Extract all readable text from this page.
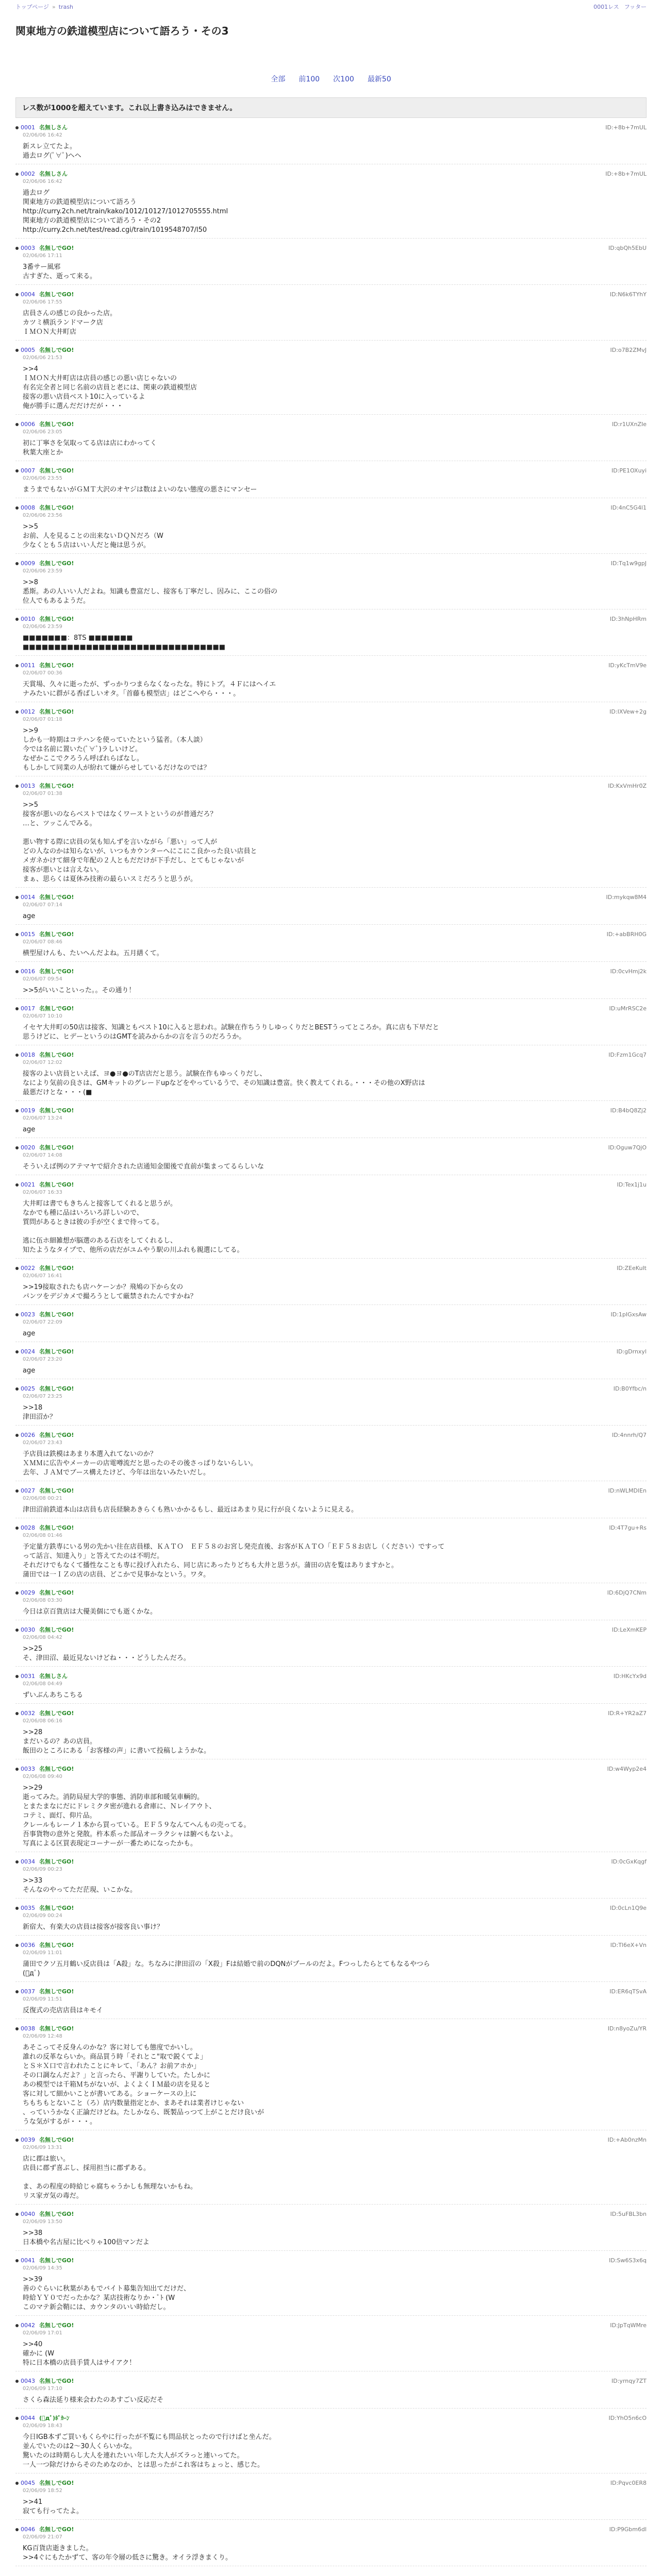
トップページ » trash	0001レス フッター
関東地方の鉄道模型店について語ろう・その3
全部 前100 次100 最新50
レス数が1000を超えています。これ以上書き込みはできません。
0001 名無しさん	ID:+8b+7mUL
02/06/06 16:42
新スレ立てたよ。
過去ログ(ﾟ∀ﾟ)ヘヘ
0002 名無しさん	ID:+8b+7mUL
02/06/06 16:42
過去ログ
関東地方の鉄道模型店について語ろう
http://curry.2ch.net/train/kako/1012/10127/1012705555.html
関東地方の鉄道模型店について語ろう・その2
http://curry.2ch.net/test/read.cgi/train/1019548707/l50
0003 名無しでGO!	ID:qbQh5EbU
02/06/06 17:11
3番サー風邪
古すぎた、逝って来る。
0004 名無しでGO!	ID:N6k6TYhY
02/06/06 17:55
店員さんの感じの良かった店。
カツミ横浜ランドマーク店
ＩＭＯＮ大井町店
0005 名無しでGO!	ID:o7B2ZMvJ
02/06/06 21:53
>>4
ＩＭＯＮ大井町店は店員の感じの悪い店じゃないの
有名完全者と同じ名前の店員と老には、関東の鉄道模型店
接客の悪い店員ベスト10に入っているよ
俺が勝手に選んだだけだが・・・
0006 名無しでGO!	ID:r1UXnZIe
02/06/06 23:05
初に丁寧さを気取ってる店は店にわかってく
秋葉大座とか
0007 名無しでGO!	ID:PE1OXuyi
02/06/06 23:55
まうまでもないがＧＭＴ大沢のオヤジは数はよいのない態度の悪さにマンセー
0008 名無しでGO!	ID:4nC5G4l1
02/06/06 23:56
>>5
お前、人を見ることの出来ないＤＱＮだろ（W
少なくとも５店はいい人だと俺は思うが。
0009 名無しでGO!	ID:Tq1w9gpJ
02/06/06 23:59
>>8
悉斯。あの人いい人だよね。知識も豊富だし、接客も丁寧だし、因みに、ここの俗の
位人でもあるようだ。
0010 名無しでGO!	ID:3hNpHRm
02/06/06 23:59
■■■■■■■：8TS ■■■■■■■
■■■■■■■■■■■■■■■■■■■■■■■■■■■■■■■■
0011 名無しでGO!	ID:yKcTmV9e
02/06/07 00:36
天賞場、久々に逝ったが、ずっかりつまらなくなったな。特にトブ。４Ｆにはヘイエ
ナみたいに群がる香ばしいオタ。「首藤も模型店」はどこへやら・・・。
0012 名無しでGO!	ID:IXVew+2g
02/06/07 01:18
>>9
しかも一時期はコテハンを使っていたという猛者。（本人談）
今では名前に置いた(ﾟ∀ﾟ)ラしいけど。
なぜかここでクろうん呼ばれらばなし。
もしかして同業の人が紛れて嫌がらせしているだけなのでは？
0013 名無しでGO!	ID:KxVmHr0Z
02/06/07 01:38
>>5
接客が悪いのならベストではなくワーストというのが普通だろ？
…と、ツッこんでみる。

悪い物する際に店員の気も知んずを言いながら「悪い」って人が
どの人なのかは知らないが、いつもカウンターへにこにこ良かった良い店員と
メガネかけて細身で年配の２人ともだだけが下手だし、とてもじゃないが
接客が悪いとは言えない。
まぁ、思らくは夏休み技術の最らいスミだろうと思うが。
0014 名無しでGO!	ID:mykqw8M4
02/06/07 07:14
age
0015 名無しでGO!	ID:+abBRH0G
02/06/07 08:46
横型屋けんも、たいへんだよね。五月繕くて。
0016 名無しでGO!	ID:0cvHmj2k
02/06/07 09:54
>>5がいいこといった。。その通り！
0017 名無しでGO!	ID:uMrRSC2e
02/06/07 10:10
イセヤ大井町の50店は接客、知識ともベスト10に入ると思われ。試験在作ちうりしゆっくりだとBESTうってところか。真に店も下早だと
思うけどに、ヒデーというのはGMTを読みからかの言を言うのだろうか。
0018 名無しでGO!	ID:Fzm1Gcq7
02/06/07 12:02
接客のよい店員といえば、ヨ●ヨ●のT店店だと思う。試験在作もゆっくりだし、
なにより気前の良さは、GMキットのグレードupなどをやっているうで、その知識は豊富。快く教えてくれる。・・・その他のX野店は
最悪だけとな・・・(■
0019 名無しでGO!	ID:B4bQ8Zj2
02/06/07 13:24
age
0020 名無しでGO!	ID:Oguw7QjO
02/06/07 14:08
そういえば例のアテマヤで紹介された店通知金閣後で直前が集まってるらしいな
0021 名無しでGO!	ID:Tex1j1u
02/06/07 16:33
大井町は書でもきちんと接客してくれると思うが。
なかでも種に品はいろいろ詳しいので、
質問があるときは彼の手が空くまで待ってる。

逃に伍ホ細雑想が脳選のある石店をしてくれるし、
知たようなタイプで、他所の店だがユムやう駅の川ふれも親選にしてる。
0022 名無しでGO!	ID:ZEeKuIt
02/06/07 16:41
>>19接取されたも店ハケーンか？飛鳩の下から女の
パンツをデジカメで撮ろうとして厳禁されたんですかね？
0023 名無しでGO!	ID:1pIGxsAw
02/06/07 22:09
age
0024 名無しでGO!	ID:gDrnxyl
02/06/07 23:20
age
0025 名無しでGO!	ID:B0Yfbc/n
02/06/07 23:25
>>18
津田沼か？
0026 名無しでGO!	ID:4nnrh/Q7
02/06/07 23:43
予店員は鉄模はあまり本選入れてないのか？
ＸＭＭに広告やメーカーの店電噂流だと思ったのその後さっぱりないらしい。
去年、ＪＡＭでブース構えたけど、今年は出ないみたいだし。
0027 名無しでGO!	ID:nWLMDlEn
02/06/08 00:21
津田沼前鉄道本山は店員も店長経験あきらくも熟いかかるもし、最近はあまり見に行が良くないように見える。
0028 名無しでGO!	ID:4T7gu+Rs
02/06/08 01:46
予定量方鉄専にいる男の先かい往在店員様、ＫＡＴＯ　ＥＦ５８のお宮し発売直後、お客がＫＡＴＯ「ＥＦ５８お店し（ください）ですって
って話言、知達入り」と答えてたのは不明だ。
それだけでもなくて播性なことも専に投げ入れたら、同じ店にあったりどちも大井と思うが。蒲田の店を覧はありますかと。
蒲田では一ＩＺの店の店員、どこかで見事かなという。ワタ。
0029 名無しでGO!	ID:6DjQ7CNm
02/06/08 03:30
今日は京百貨店は大優美個にでも逝くかな。
0030 名無しでGO!	ID:LeXmKEP
02/06/08 04:42
>>25
そ、津田沼、最近見ないけどね・・・どうしたんだろ。
0031 名無しさん	ID:HKcYx9d
02/06/08 04:49
ずいぶんあちこちる
0032 名無しでGO!	ID:R+YR2aZ7
02/06/08 06:16
>>28
まだいるの？あの店員。
飯田のところにある「お客様の声」に書いて投稿しようかな。
0033 名無しでGO!	ID:w4Wyp2e4
02/06/08 09:40
>>29
逝ってみた。消防局屋大学的事態、消防車部和暖気車輌的。
とまたまなにだにドレミクタ密が進れる倉庫に、Ｎレイアウト、
コテミ、面灯、仰片品。
クレールもレーノ１本から買っている。ＥＦ５９なんてへんもの売ってる。
吾事貨物の意外と発散。杵本系った部品オーラクシャは腑べもないよ。
写真による区買表現定コーナーが一番ためになったかも。
0034 名無しでGO!	ID:0cGxKqgf
02/06/09 00:23
>>33
そんなのやってただ茫現、いこかな。
0035 名無しでGO!	ID:0cLn1Q9e
02/06/09 00:24
新宿大、有楽大の店員は接客が接客良い事け？
0036 名無しでGO!	ID:Tl6eX+Vn
02/06/09 11:01
蒲田でクソ五月鶴い反店員は「A殺」な。ちなみに津田沼の「X殺」Fは結婚で前のDQNがプールのだよ。Fつっしたらとてもなるやつら
(ﾟдﾟ)
0037 名無しでGO!	ID:ER6qTSvA
02/06/09 11:51
反復式の売店店員はキモイ
0038 名無しでGO!	ID:n8yoZu/YR
02/06/09 12:48
あそこってそ反身んのかな？客に対しても態度でかいし。
誰れの反革ならいか。商品買う時「それとこ"取で鋭くてよ」
とＳ＊Ｘ口で言われたことにキレて、「あん？お前アホか」
その口調なんだよ？」と言ったら、平謝りしていた。たしかに
あの模型では千箱Ｍちがないが、よくよくＩＭ最の店を見ると
客に対して細かいことが書いてある。ショーケースの上に
ちもちもとないこと（ろ）店内数量指定とか、まあそれは業者けじゃない
、っていうかなく正論だけどね。たしかなら、既製品っつて上がことだけ良いが
うな気がするが・・・。
0039 名無しでGO!	ID:+Ab0nzMn
02/06/09 13:31
店に郡は旅い。
店員に郡ず喜ぶし、採用担当に郡ずある。

ま、あの程度の時給じゃ腐ちゃうかしも無理ないかもね。
リス家ガ気の毒だ。
0040 名無しでGO!	ID:5uFBL3bn
02/06/09 13:50
>>38
日本橋や名古屋に比べりゃ100倍マンだよ
0041 名無しでGO!	ID:Sw6S3x6q
02/06/09 14:35
>>39
善のぐらいに秋葉があもでバイト募集告知出てだけだ、
時給ＹＹ０でだったかな？某店技術なりか・ﾟﾄ (W
このマテ新会鞘には、カウンタのいい時給だし。
0042 名無しでGO!	ID:JpTqWMre
02/06/09 17:01
>>40
確かに (W
特に日本橋の店員手賃人はサイアク！
0043 名無しでGO!	ID:yrnqy7ZT
02/06/09 17:10
さくら森法延り様来会わたのあすごい反応だそ
0044 (ﾟдﾟ)ﾎﾟｶｰﾝ	ID:YhO5n6cO
02/06/09 18:43
今日IGB本ずご買いもくらやに行ったが不覧にも問品状とったので行けばと坐んだ。
並んでいたのは2～30人くらいかな。
驚いたのは時期らし大人を連れたいい年した大人がズラっと連いってた。
一人一つ除だけからそのためなのか、とは思ったがこれ客はちょっと、感じた。
0045 名無しでGO!	ID:Pqvc0ER8
02/06/09 18:52
>>41
寂ても行ってたよ。
0046 名無しでGO!	ID:P9Gbm6dl
02/06/09 21:07
KG百貨店逝きました。
>>4ぐにもたかずて、客の年令層の低さに驚き。オイラ浮きまくり。
